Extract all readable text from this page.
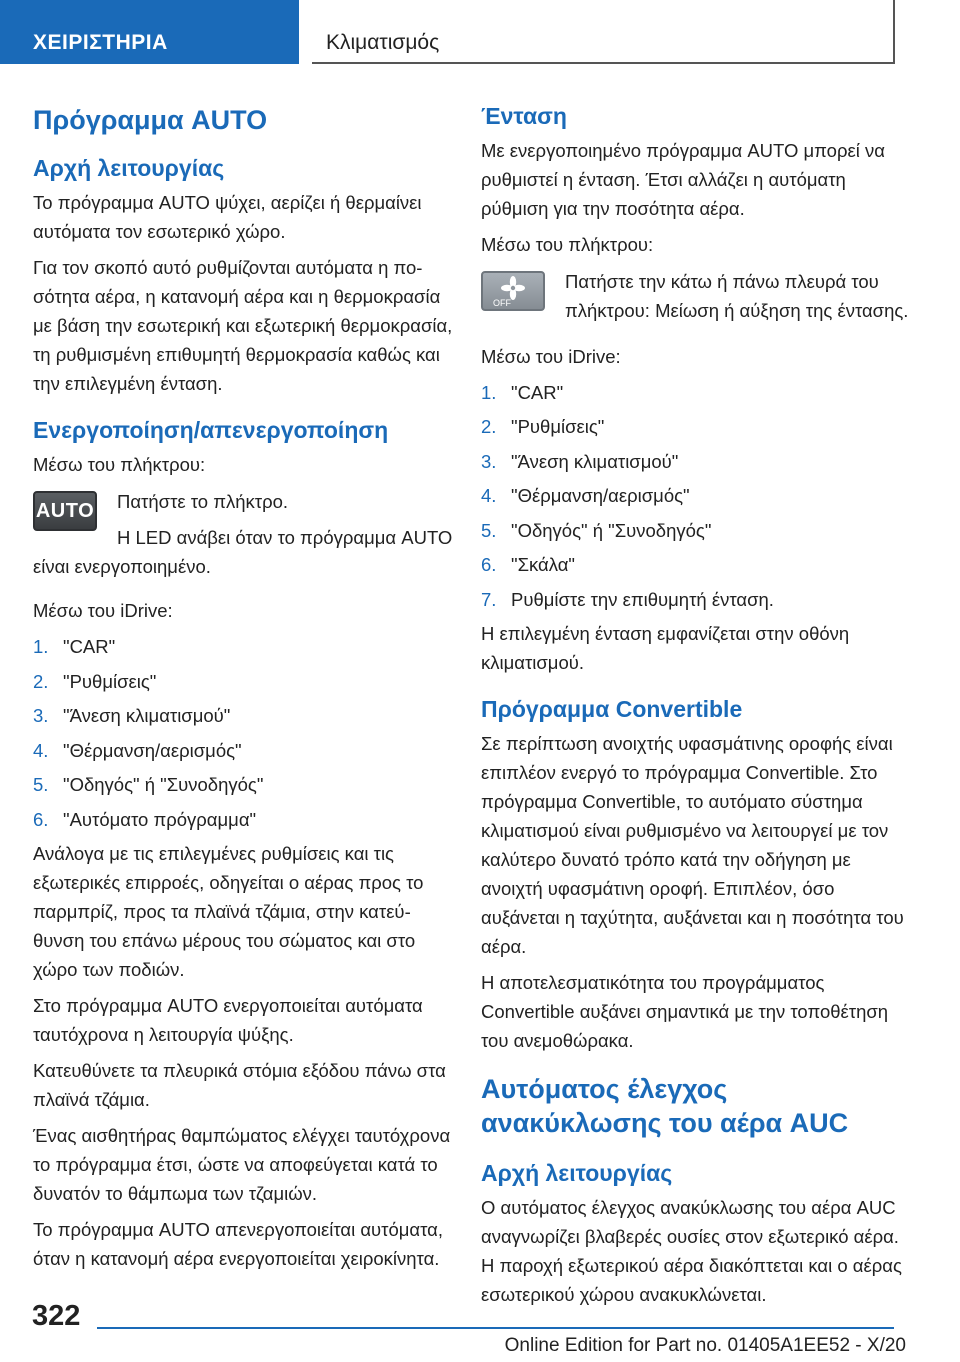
ΧΕΙΡΙΣΤΗΡΙΑ	Κλιματισμός
Πρόγραμμα AUTO
Αρχή λειτουργίας

Το πρόγραμμα AUTO ψύχει, αερίζει ή θερμαίνει αυτόματα τον εσωτερικό χώρο.

Για τον σκοπό αυτό ρυθμίζονται αυτόματα η ποσότητα αέρα, η κατανομή αέρα και η θερμοκρασία με βάση την εσωτερική και εξωτερική θερμοκρασία, τη ρυθμισμένη επιθυμητή θερμοκρασία καθώς και την επιλεγμένη ένταση.

Ενεργοποίηση/απενεργοποίηση

Μέσω του πλήκτρου:

AUTO	Πατήστε το πλήκτρο.

Η LED ανάβει όταν το πρόγραμμα AUTO είναι ενεργοποιημένο.

Μέσω του iDrive:

1. "CAR"
2. "Ρυθμίσεις"
3. "Άνεση κλιματισμού"
4. "Θέρμανση/αερισμός"
5. "Οδηγός" ή "Συνοδηγός"
6. "Αυτόματο πρόγραμμα"

Ανάλογα με τις επιλεγμένες ρυθμίσεις και τις εξωτερικές επιρροές, οδηγείται ο αέρας προς το παρμπρίζ, προς τα πλαϊνά τζάμια, στην κατεύθυνση του επάνω μέρους του σώματος και στο χώρο των ποδιών.

Στο πρόγραμμα AUTO ενεργοποιείται αυτόματα ταυτόχρονα η λειτουργία ψύξης.

Κατευθύνετε τα πλευρικά στόμια εξόδου πάνω στα πλαϊνά τζάμια.

Ένας αισθητήρας θαμπώματος ελέγχει ταυτόχρονα το πρόγραμμα έτσι, ώστε να αποφεύγεται κατά το δυνατόν το θάμπωμα των τζαμιών.

Το πρόγραμμα AUTO απενεργοποιείται αυτόματα, όταν η κατανομή αέρα ενεργοποιείται χειροκίνητα.

Ένταση

Με ενεργοποιημένο πρόγραμμα AUTO μπορεί να ρυθμιστεί η ένταση. Έτσι αλλάζει η αυτόματη ρύθμιση για την ποσότητα αέρα.

Μέσω του πλήκτρου:

OFF

Πατήστε την κάτω ή πάνω πλευρά του πλήκτρου: Μείωση ή αύξηση της έντασης.

Μέσω του iDrive:

1. "CAR"
2. "Ρυθμίσεις"
3. "Άνεση κλιματισμού"
4. "Θέρμανση/αερισμός"
5. "Οδηγός" ή "Συνοδηγός"
6. "Σκάλα"
7. Ρυθμίστε την επιθυμητή ένταση.

Η επιλεγμένη ένταση εμφανίζεται στην οθόνη κλιματισμού.

Πρόγραμμα Convertible

Σε περίπτωση ανοιχτής υφασμάτινης οροφής είναι επιπλέον ενεργό το πρόγραμμα Convertible. Στο πρόγραμμα Convertible, το αυτόματο σύστημα κλιματισμού είναι ρυθμισμένο να λειτουργεί με τον καλύτερο δυνατό τρόπο κατά την οδήγηση με ανοιχτή υφασμάτινη οροφή. Επιπλέον, όσο αυξάνεται η ταχύτητα, αυξάνεται και η ποσότητα του αέρα.

Η αποτελεσματικότητα του προγράμματος Convertible αυξάνει σημαντικά με την τοποθέτηση του ανεμοθώρακα.

Αυτόματος έλεγχος
ανακύκλωσης του αέρα AUC
Αρχή λειτουργίας

Ο αυτόματος έλεγχος ανακύκλωσης του αέρα AUC αναγνωρίζει βλαβερές ουσίες στον εξωτερικό αέρα. Η παροχή εξωτερικού αέρα διακόπτεται και ο αέρας εσωτερικού χώρου ανακυκλώνεται.

322
Online Edition for Part no. 01405A1EE52 - X/20
